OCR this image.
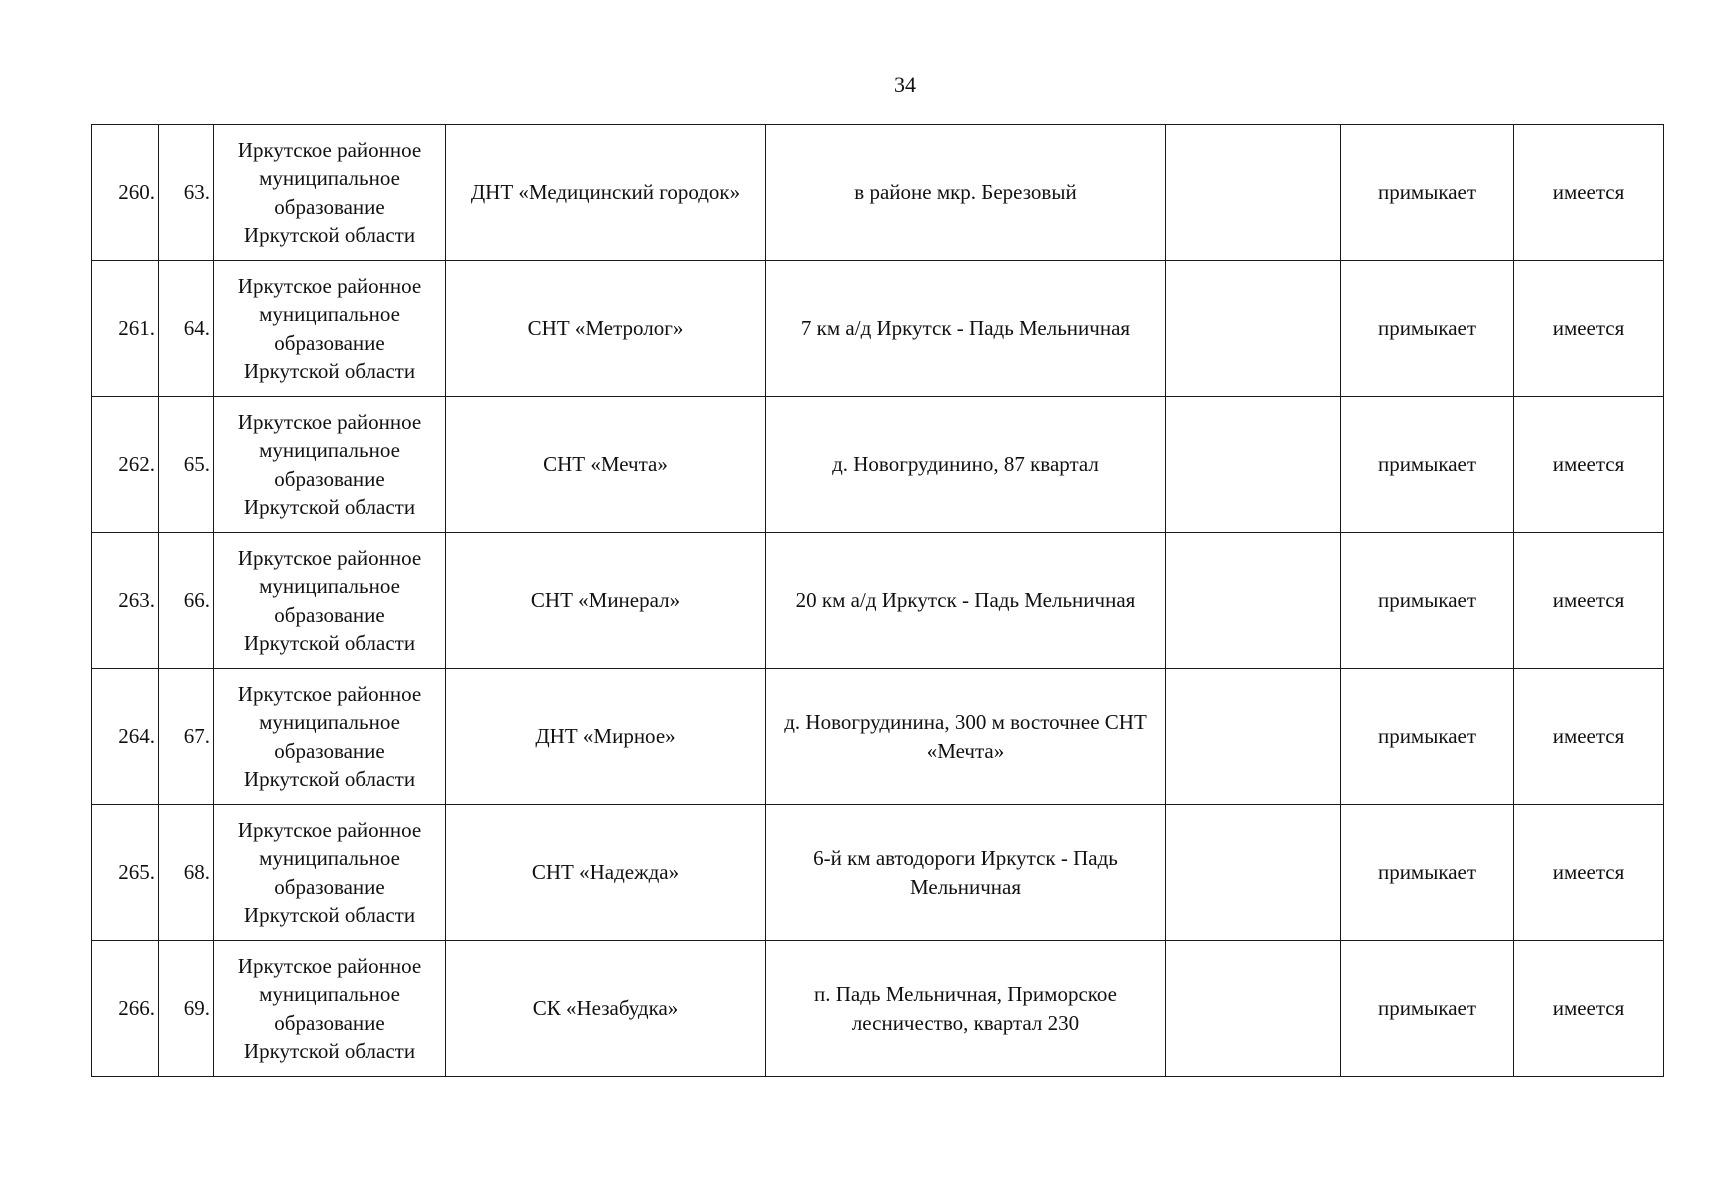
34
260.	63.	Иркутское районное
муниципальное
образование
Иркутской области	ДНТ «Медицинский городок»	в районе мкр. Березовый		примыкает	имеется
261.	64.	Иркутское районное
муниципальное
образование
Иркутской области	СНТ «Метролог»	7 км а/д Иркутск - Падь Мельничная		примыкает	имеется
262.	65.	Иркутское районное
муниципальное
образование
Иркутской области	СНТ «Мечта»	д. Новогрудинино, 87 квартал		примыкает	имеется
263.	66.	Иркутское районное
муниципальное
образование
Иркутской области	СНТ «Минерал»	20 км а/д Иркутск - Падь Мельничная		примыкает	имеется
264.	67.	Иркутское районное
муниципальное
образование
Иркутской области	ДНТ «Мирное»	д. Новогрудинина, 300 м восточнее СНТ «Мечта»		примыкает	имеется
265.	68.	Иркутское районное
муниципальное
образование
Иркутской области	СНТ «Надежда»	6-й км автодороги Иркутск - Падь Мельничная		примыкает	имеется
266.	69.	Иркутское районное
муниципальное
образование
Иркутской области	СК «Незабудка»	п. Падь Мельничная, Приморское лесничество, квартал 230		примыкает	имеется
